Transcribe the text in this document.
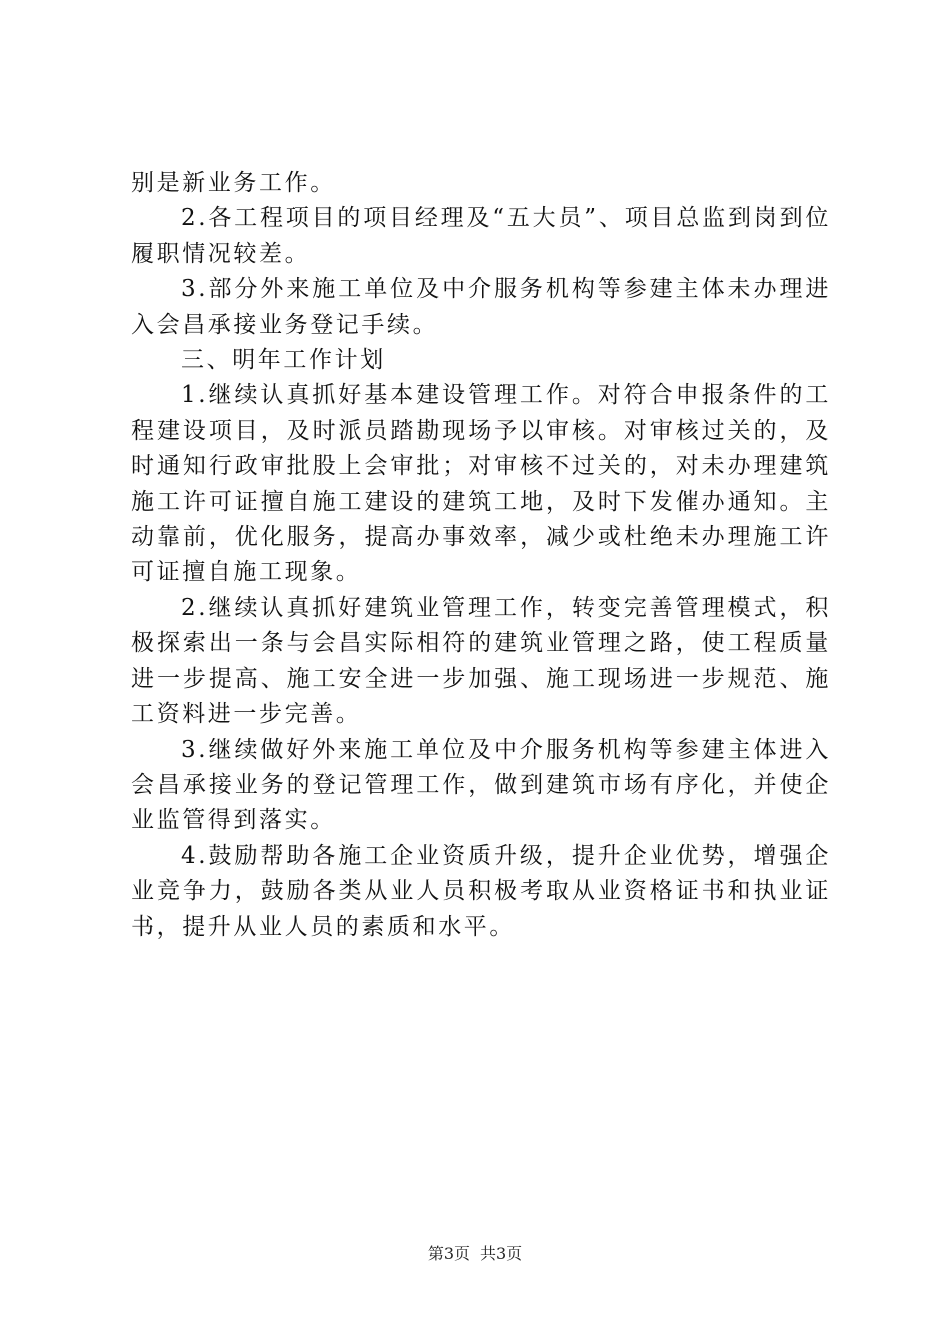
别是新业务工作。

2.各工程项目的项目经理及“五大员”、项目总监到岗到位履职情况较差。

3.部分外来施工单位及中介服务机构等参建主体未办理进入会昌承接业务登记手续。

三、明年工作计划

1.继续认真抓好基本建设管理工作。对符合申报条件的工程建设项目，及时派员踏勘现场予以审核。对审核过关的，及时通知行政审批股上会审批；对审核不过关的，对未办理建筑施工许可证擅自施工建设的建筑工地，及时下发催办通知。主动靠前，优化服务，提高办事效率，减少或杜绝未办理施工许可证擅自施工现象。

2.继续认真抓好建筑业管理工作，转变完善管理模式，积极探索出一条与会昌实际相符的建筑业管理之路，使工程质量进一步提高、施工安全进一步加强、施工现场进一步规范、施工资料进一步完善。

3.继续做好外来施工单位及中介服务机构等参建主体进入会昌承接业务的登记管理工作，做到建筑市场有序化，并使企业监管得到落实。

4.鼓励帮助各施工企业资质升级，提升企业优势，增强企业竞争力，鼓励各类从业人员积极考取从业资格证书和执业证书，提升从业人员的素质和水平。

第3页 共3页
